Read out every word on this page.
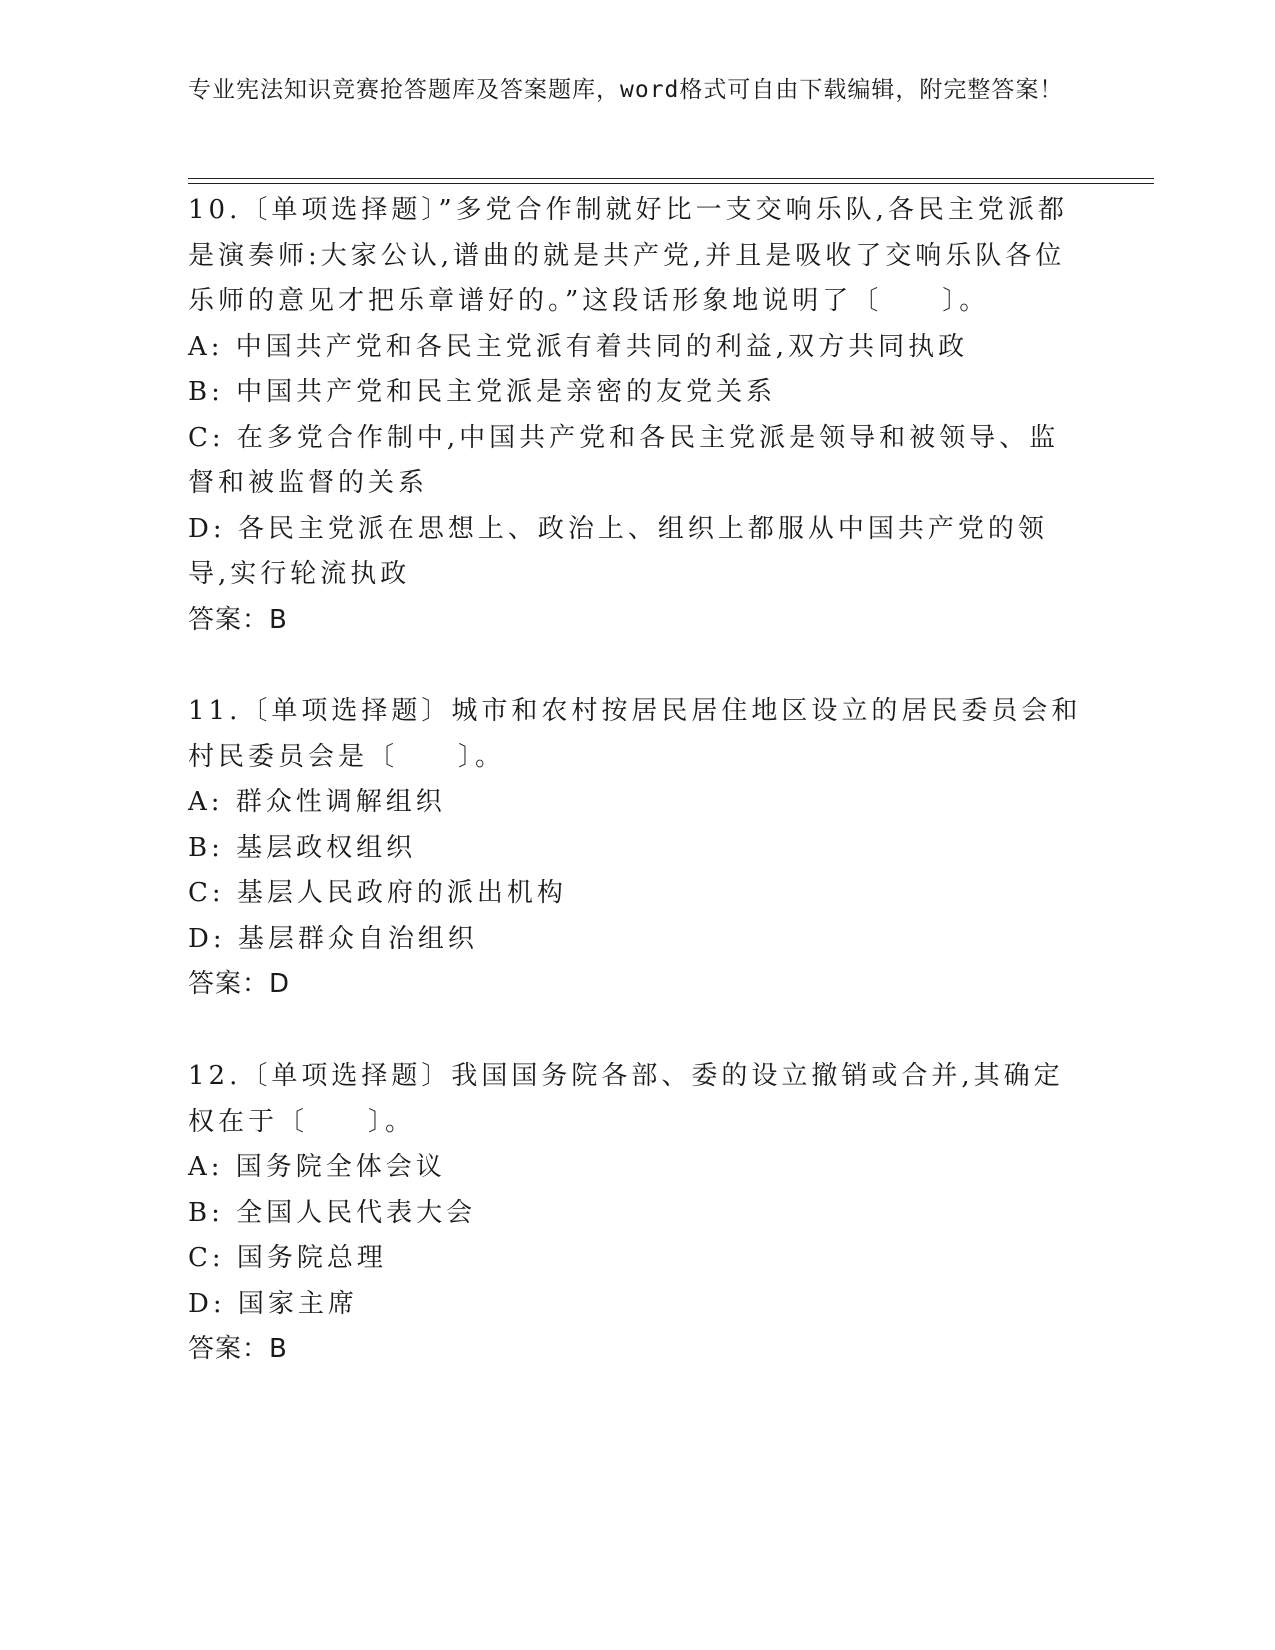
专业宪法知识竞赛抢答题库及答案题库，word格式可自由下载编辑，附完整答案！

10.〔单项选择题〕”多党合作制就好比一支交响乐队,各民主党派都是演奏师:大家公认,谱曲的就是共产党,并且是吸收了交响乐队各位乐师的意见才把乐章谱好的。”这段话形象地说明了〔　　〕。

A: 中国共产党和各民主党派有着共同的利益,双方共同执政

B: 中国共产党和民主党派是亲密的友党关系

C: 在多党合作制中,中国共产党和各民主党派是领导和被领导、监督和被监督的关系

D: 各民主党派在思想上、政治上、组织上都服从中国共产党的领导,实行轮流执政

答案：B

11.〔单项选择题〕城市和农村按居民居住地区设立的居民委员会和村民委员会是〔　　〕。

A: 群众性调解组织

B: 基层政权组织

C: 基层人民政府的派出机构

D: 基层群众自治组织

答案：D

12.〔单项选择题〕我国国务院各部、委的设立撤销或合并,其确定权在于〔　　〕。

A: 国务院全体会议

B: 全国人民代表大会

C: 国务院总理

D: 国家主席

答案：B
